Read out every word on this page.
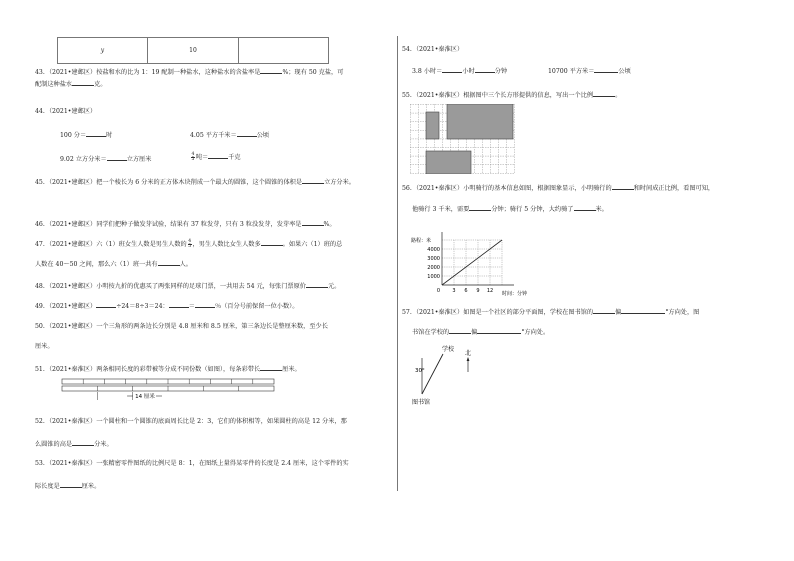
y	10	
43.（2021•建邺区）按盐和水的比为 1：19 配制一种盐水，这种盐水的含盐率是	%；现有 50 克盐，可
配制这种盐水	克。
44.（2021•建邺区）
100 分＝	时	4.05 平方千米＝	公顷
9.02 立方分米＝	立方厘米	$\frac{4}{5}$ 吨＝	千克
45.（2021•建邺区）把一个棱长为 6 分米的正方体木块削成一个最大的圆锥，这个圆锥的体积是	立方分米。
46.（2021•建邺区）同学们把种子做发芽试验，结果有 37 粒发芽，只有 3 粒没发芽，发芽率是	%。
47.（2021•建邺区）六（1）班女生人数是男生人数的 $\frac{4}{5}$ ，男生人数比女生人数多	。如果六（1）班的总
人数在 40～50 之间，那么六（1）班一共有	人。
48.（2021•建邺区）小明按九折的优惠买了两张同样的足球门票，一共用去 54 元，每张门票原价	元。
49.（2021•建邺区）	÷24＝8÷3＝24：	＝	％（百分号前保留一位小数）。
50.（2021•建邺区）一个三角形的两条边长分别是 4.8 厘米和 8.5 厘米，第三条边长是整厘米数，至少长
厘米。
51.（2021•秦淮区）两条相同长度的彩带被等分成不同份数（如图），每条彩带长	厘米。
14 厘米
52.（2021•秦淮区）一个圆柱和一个圆锥的底面周长比是 2：3，它们的体积相等，如果圆柱的高是 12 分米，那
么圆锥的高是	分米。
53.（2021•秦淮区）一张精密零件图纸的比例尺是 8：1，在图纸上量得某零件的长度是 2.4 厘米，这个零件的实
际长度是	厘米。
54.（2021•秦淮区）
3.8 小时＝	小时	分钟	10700 平方米＝	公顷
55.（2021•秦淮区）根据图中三个长方形提供的信息，写出一个比例	。
56.（2021•秦淮区）小明骑行的基本信息如图，根据图象显示，小明骑行的	和时间成正比例，看图可知，
他骑行 3 千米，需要	分钟；骑行 5 分钟，大约骑了	米。
路程：米
时间：分钟
3 6 9 12
1000
2000
3000
4000
0
57.（2021•秦淮区）如图是一个社区的部分平面图，学校在图书馆的	偏	°方向处，图
书馆在学校的	偏	°方向处。
学校
图书馆
北
30°
